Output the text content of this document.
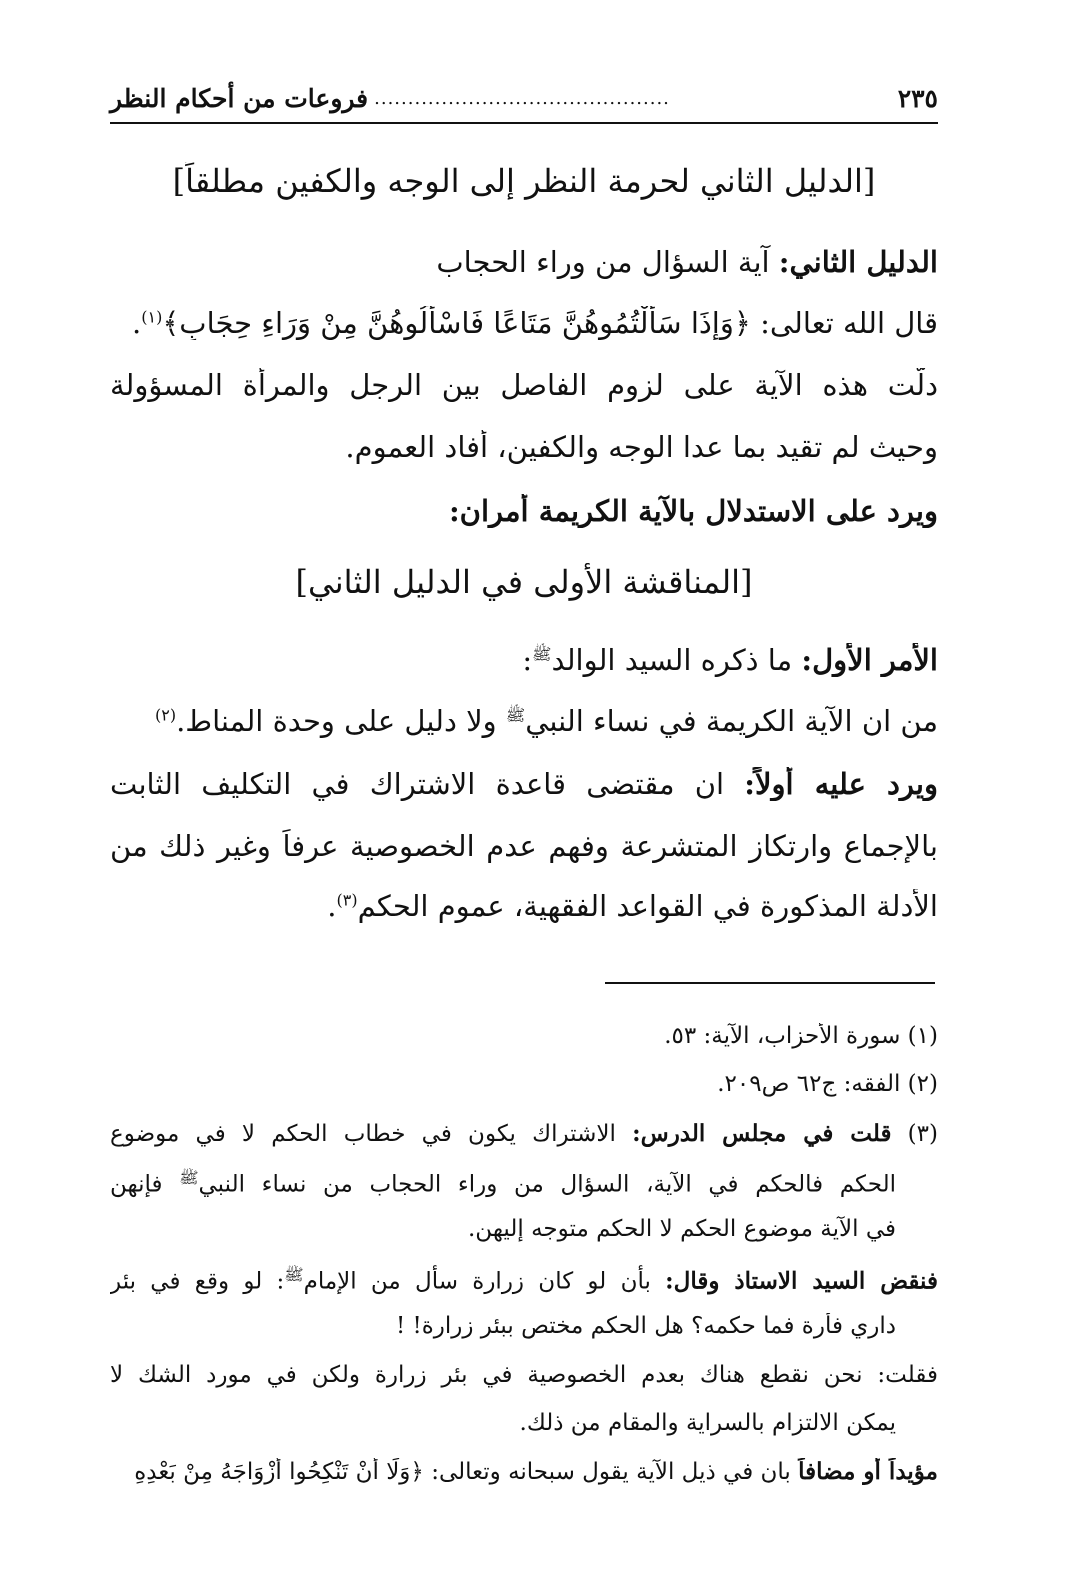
٢٣٥
............................................
فروعات من أحكام النظر
[الدليل الثاني لحرمة النظر إلى الوجه والكفين مطلقاً]
الدليل الثاني: آية السؤال من وراء الحجاب
قال الله تعالى: ﴿وَإِذَا سَأَلْتُمُوهُنَّ مَتَاعًا فَاسْأَلُوهُنَّ مِنْ وَرَاءِ حِجَابٍ﴾$^{(١)}$.
دلّت هذه الآية على لزوم الفاصل بين الرجل والمرأة المسؤولة
وحيث لم تقيد بما عدا الوجه والكفين، أفاد العموم.
ويرد على الاستدلال بالآية الكريمة أمران:
[المناقشة الأولى في الدليل الثاني]
الأمر الأول: ما ذكره السيد الوالد$^ﷺ$:
من ان الآية الكريمة في نساء النبي$^ﷺ$ ولا دليل على وحدة المناط.$^{(٢)}$
ويرد عليه أولاً: ان مقتضى قاعدة الاشتراك في التكليف الثابت
بالإجماع وارتكاز المتشرعة وفهم عدم الخصوصية عرفاً وغير ذلك من
الأدلة المذكورة في القواعد الفقهية، عموم الحكم$^{(٣)}$.
(١) سورة الأحزاب، الآية: ٥٣.
(٢) الفقه: ج٦٢ ص٢٠٩.
(٣) قلت في مجلس الدرس: الاشتراك يكون في خطاب الحكم لا في موضوع
الحكم فالحكم في الآية، السؤال من وراء الحجاب من نساء النبي$^ﷺ$ فإنهن
في الآية موضوع الحكم لا الحكم متوجه إليهن.
فنقض السيد الاستاذ وقال: بأن لو كان زرارة سأل من الإمام$^ﷺ$: لو وقع في بئر
داري فأرة فما حكمه؟ هل الحكم مختص ببئر زرارة! !
فقلت: نحن نقطع هناك بعدم الخصوصية في بئر زرارة ولكن في مورد الشك لا
يمكن الالتزام بالسراية والمقام من ذلك.
مؤيداً أو مضافاً بان في ذيل الآية يقول سبحانه وتعالى: ﴿وَلَا أَنْ تَنْكِحُوا أَزْوَاجَهُ مِنْ بَعْدِهِ
